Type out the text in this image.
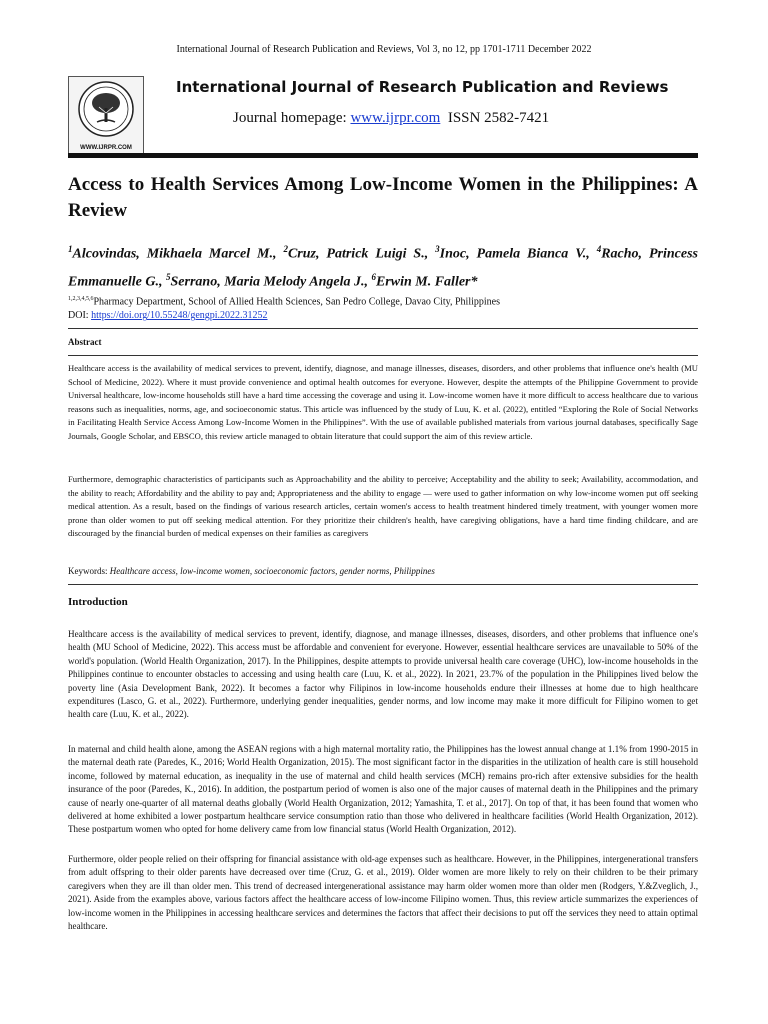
International Journal of Research Publication and Reviews, Vol 3, no 12, pp 1701-1711 December 2022
WWW.IJRPR.COM
International Journal of Research Publication and Reviews
Journal homepage: www.ijrpr.com ISSN 2582-7421
Access to Health Services Among Low-Income Women in the Philippines: A Review
$^1$Alcovindas, Mikhaela Marcel M., $^2$Cruz, Patrick Luigi S., $^3$Inoc, Pamela Bianca V., $^4$Racho, Princess Emmanuelle G., $^5$Serrano, Maria Melody Angela J., $^6$Erwin M. Faller*
$^{1,2,3,4,5,6}$Pharmacy Department, School of Allied Health Sciences, San Pedro College, Davao City, Philippines
DOI: https://doi.org/10.55248/gengpi.2022.31252
Abstract
Healthcare access is the availability of medical services to prevent, identify, diagnose, and manage illnesses, diseases, disorders, and other problems that influence one's health (MU School of Medicine, 2022). Where it must provide convenience and optimal health outcomes for everyone. However, despite the attempts of the Philippine Government to provide Universal healthcare, low-income households still have a hard time accessing the coverage and using it. Low-income women have it more difficult to access healthcare due to various reasons such as inequalities, norms, age, and socioeconomic status. This article was influenced by the study of Luu, K. et al. (2022), entitled “Exploring the Role of Social Networks in Facilitating Health Service Access Among Low-Income Women in the Philippines”. With the use of available published materials from various journal databases, specifically Sage Journals, Google Scholar, and EBSCO, this review article managed to obtain literature that could support the aim of this review article.
Furthermore, demographic characteristics of participants such as Approachability and the ability to perceive; Acceptability and the ability to seek; Availability, accommodation, and the ability to reach; Affordability and the ability to pay and; Appropriateness and the ability to engage — were used to gather information on why low-income women put off seeking medical attention. As a result, based on the findings of various research articles, certain women's access to health treatment hindered timely treatment, with younger women more prone than older women to put off seeking medical attention. For they prioritize their children's health, have caregiving obligations, have a hard time finding childcare, and are discouraged by the financial burden of medical expenses on their families as caregivers
Keywords: Healthcare access, low-income women, socioeconomic factors, gender norms, Philippines
Introduction
Healthcare access is the availability of medical services to prevent, identify, diagnose, and manage illnesses, diseases, disorders, and other problems that influence one's health (MU School of Medicine, 2022). This access must be affordable and convenient for everyone. However, essential healthcare services are unavailable to 50% of the world's population. (World Health Organization, 2017). In the Philippines, despite attempts to provide universal health care coverage (UHC), low-income households in the Philippines continue to encounter obstacles to accessing and using health care (Luu, K. et al., 2022). In 2021, 23.7% of the population in the Philippines lived below the poverty line (Asia Development Bank, 2022). It becomes a factor why Filipinos in low-income households endure their illnesses at home due to high healthcare expenditures (Lasco, G. et al., 2022). Furthermore, underlying gender inequalities, gender norms, and low income may make it more difficult for Filipino women to get health care (Luu, K. et al., 2022).
In maternal and child health alone, among the ASEAN regions with a high maternal mortality ratio, the Philippines has the lowest annual change at 1.1% from 1990-2015 in the maternal death rate (Paredes, K., 2016; World Health Organization, 2015). The most significant factor in the disparities in the utilization of health care is still household income, followed by maternal education, as inequality in the use of maternal and child health services (MCH) remains pro-rich after extensive subsidies for the health insurance of the poor (Paredes, K., 2016). In addition, the postpartum period of women is also one of the major causes of maternal death in the Philippines and the primary cause of nearly one-quarter of all maternal deaths globally (World Health Organization, 2012; Yamashita, T. et al., 2017]. On top of that, it has been found that women who delivered at home exhibited a lower postpartum healthcare service consumption ratio than those who delivered in healthcare facilities (World Health Organization, 2012). These postpartum women who opted for home delivery came from low financial status (World Health Organization, 2012).
Furthermore, older people relied on their offspring for financial assistance with old-age expenses such as healthcare. However, in the Philippines, intergenerational transfers from adult offspring to their older parents have decreased over time (Cruz, G. et al., 2019). Older women are more likely to rely on their children to be their primary caregivers when they are ill than older men. This trend of decreased intergenerational assistance may harm older women more than older men (Rodgers, Y.&Zveglich, J., 2021). Aside from the examples above, various factors affect the healthcare access of low-income Filipino women. Thus, this review article summarizes the experiences of low-income women in the Philippines in accessing healthcare services and determines the factors that affect their decisions to put off the services they need to attain optimal healthcare.
